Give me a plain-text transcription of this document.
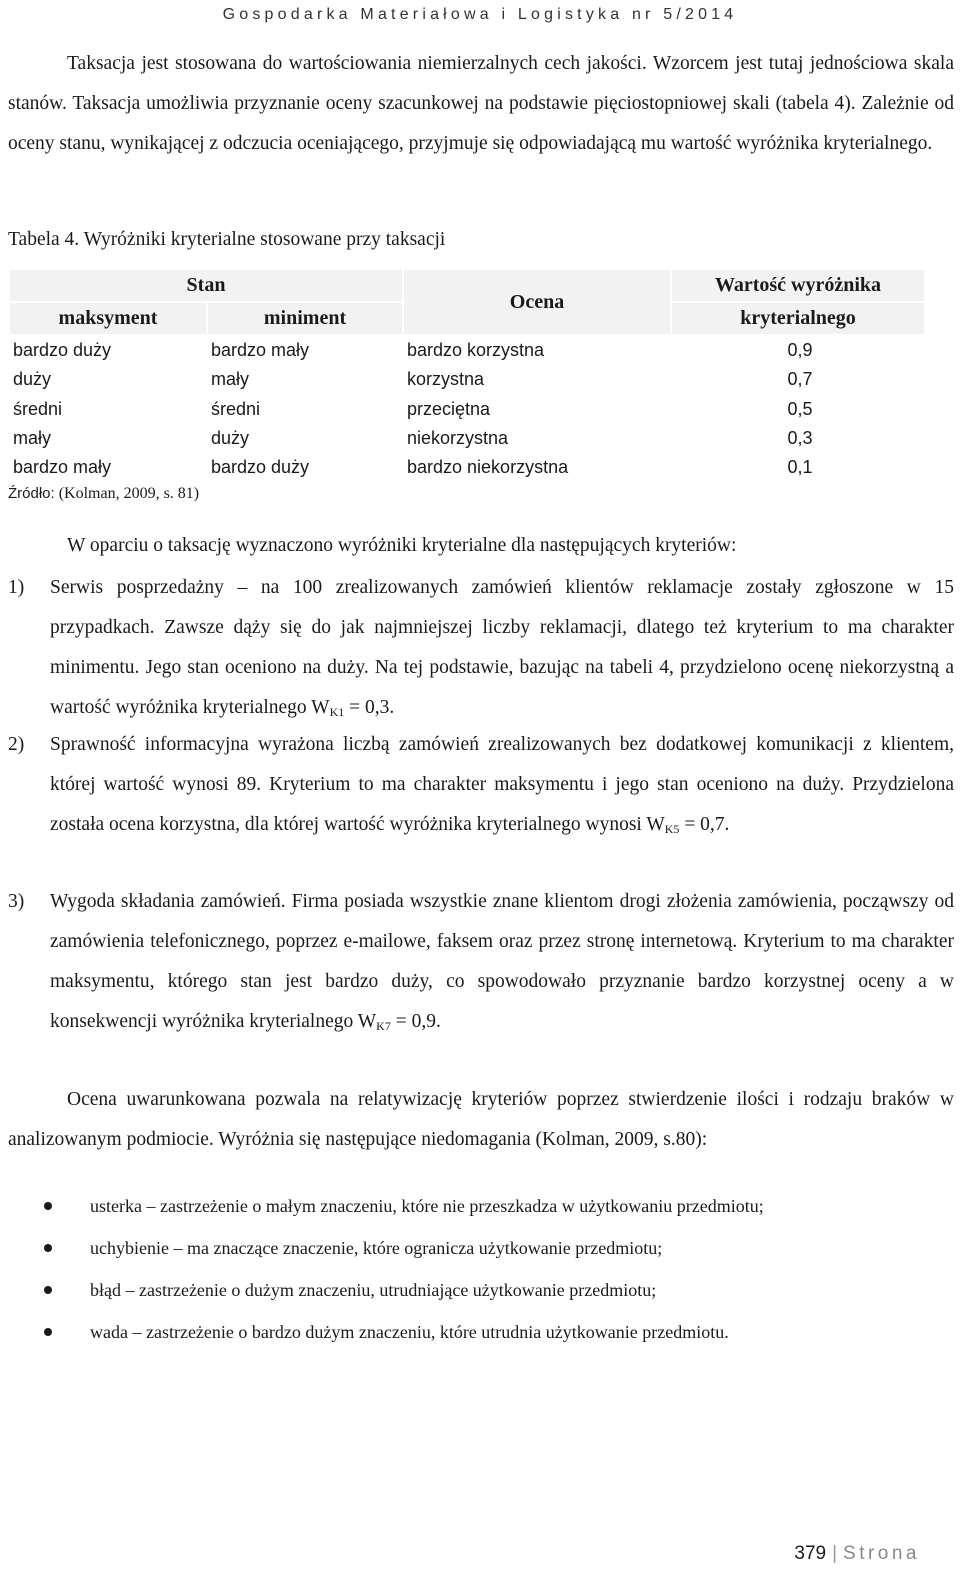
Gospodarka Materiałowa i Logistyka nr 5/2014
Taksacja jest stosowana do wartościowania niemierzalnych cech jakości. Wzorcem jest tutaj jednościowa skala stanów. Taksacja umożliwia przyznanie oceny szacunkowej na podstawie pięciostopniowej skali (tabela 4). Zależnie od oceny stanu, wynikającej z odczucia oceniającego, przyjmuje się odpowiadającą mu wartość wyróżnika kryterialnego.
Tabela 4. Wyróżniki kryterialne stosowane przy taksacji
Stan		Ocena	Wartość wyróżnika
maksyment	miniment		kryterialnego
bardzo duży	bardzo mały	bardzo korzystna	0,9
duży	mały	korzystna	0,7
średni	średni	przeciętna	0,5
mały	duży	niekorzystna	0,3
bardzo mały	bardzo duży	bardzo niekorzystna	0,1
Źródło: (Kolman, 2009, s. 81)
W oparciu o taksację wyznaczono wyróżniki kryterialne dla następujących kryteriów:
1) Serwis posprzedażny – na 100 zrealizowanych zamówień klientów reklamacje zostały zgłoszone w 15 przypadkach. Zawsze dąży się do jak najmniejszej liczby reklamacji, dlatego też kryterium to ma charakter minimentu. Jego stan oceniono na duży. Na tej podstawie, bazując na tabeli 4, przydzielono ocenę niekorzystną a wartość wyróżnika kryterialnego $W_{K1} = 0,3$.
2) Sprawność informacyjna wyrażona liczbą zamówień zrealizowanych bez dodatkowej komunikacji z klientem, której wartość wynosi 89. Kryterium to ma charakter maksymentu i jego stan oceniono na duży. Przydzielona została ocena korzystna, dla której wartość wyróżnika kryterialnego wynosi $W_{K5} = 0,7$.
3) Wygoda składania zamówień. Firma posiada wszystkie znane klientom drogi złożenia zamówienia, począwszy od zamówienia telefonicznego, poprzez e-mailowe, faksem oraz przez stronę internetową. Kryterium to ma charakter maksymentu, którego stan jest bardzo duży, co spowodowało przyznanie bardzo korzystnej oceny a w konsekwencji wyróżnika kryterialnego $W_{K7} = 0,9$.
Ocena uwarunkowana pozwala na relatywizację kryteriów poprzez stwierdzenie ilości i rodzaju braków w analizowanym podmiocie. Wyróżnia się następujące niedomagania (Kolman, 2009, s.80):
usterka – zastrzeżenie o małym znaczeniu, które nie przeszkadza w użytkowaniu przedmiotu;
uchybienie – ma znaczące znaczenie, które ogranicza użytkowanie przedmiotu;
błąd – zastrzeżenie o dużym znaczeniu, utrudniające użytkowanie przedmiotu;
wada – zastrzeżenie o bardzo dużym znaczeniu, które utrudnia użytkowanie przedmiotu.
379 | Strona
